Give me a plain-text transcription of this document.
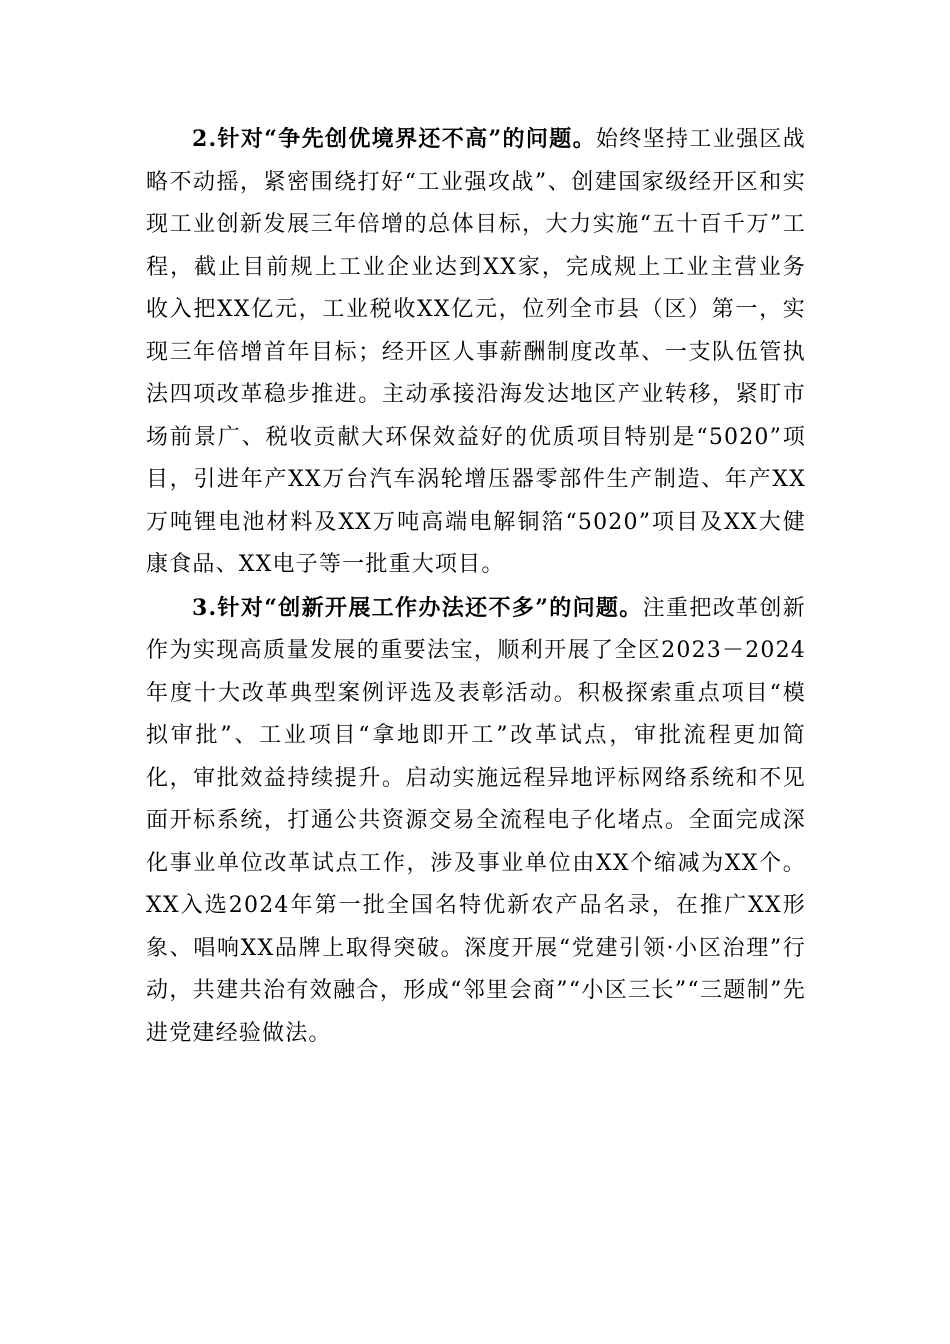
2.针对“争先创优境界还不高”的问题。始终坚持工业强区战略不动摇，紧密围绕打好“工业强攻战”、创建国家级经开区和实现工业创新发展三年倍增的总体目标，大力实施“五十百千万”工程，截止目前规上工业企业达到XX家，完成规上工业主营业务收入把XX亿元，工业税收XX亿元，位列全市县（区）第一，实现三年倍增首年目标；经开区人事薪酬制度改革、一支队伍管执法四项改革稳步推进。主动承接沿海发达地区产业转移，紧盯市场前景广、税收贡献大环保效益好的优质项目特别是“5020”项目，引进年产XX万台汽车涡轮增压器零部件生产制造、年产XX万吨锂电池材料及XX万吨高端电解铜箔“5020”项目及XX大健康食品、XX电子等一批重大项目。

3.针对“创新开展工作办法还不多”的问题。注重把改革创新作为实现高质量发展的重要法宝，顺利开展了全区2023－2024年度十大改革典型案例评选及表彰活动。积极探索重点项目“模拟审批”、工业项目“拿地即开工”改革试点，审批流程更加简化，审批效益持续提升。启动实施远程异地评标网络系统和不见面开标系统，打通公共资源交易全流程电子化堵点。全面完成深化事业单位改革试点工作，涉及事业单位由XX个缩减为XX个。XX入选2024年第一批全国名特优新农产品名录，在推广XX形象、唱响XX品牌上取得突破。深度开展“党建引领·小区治理”行动，共建共治有效融合，形成“邻里会商”“小区三长”“三题制”先进党建经验做法。
